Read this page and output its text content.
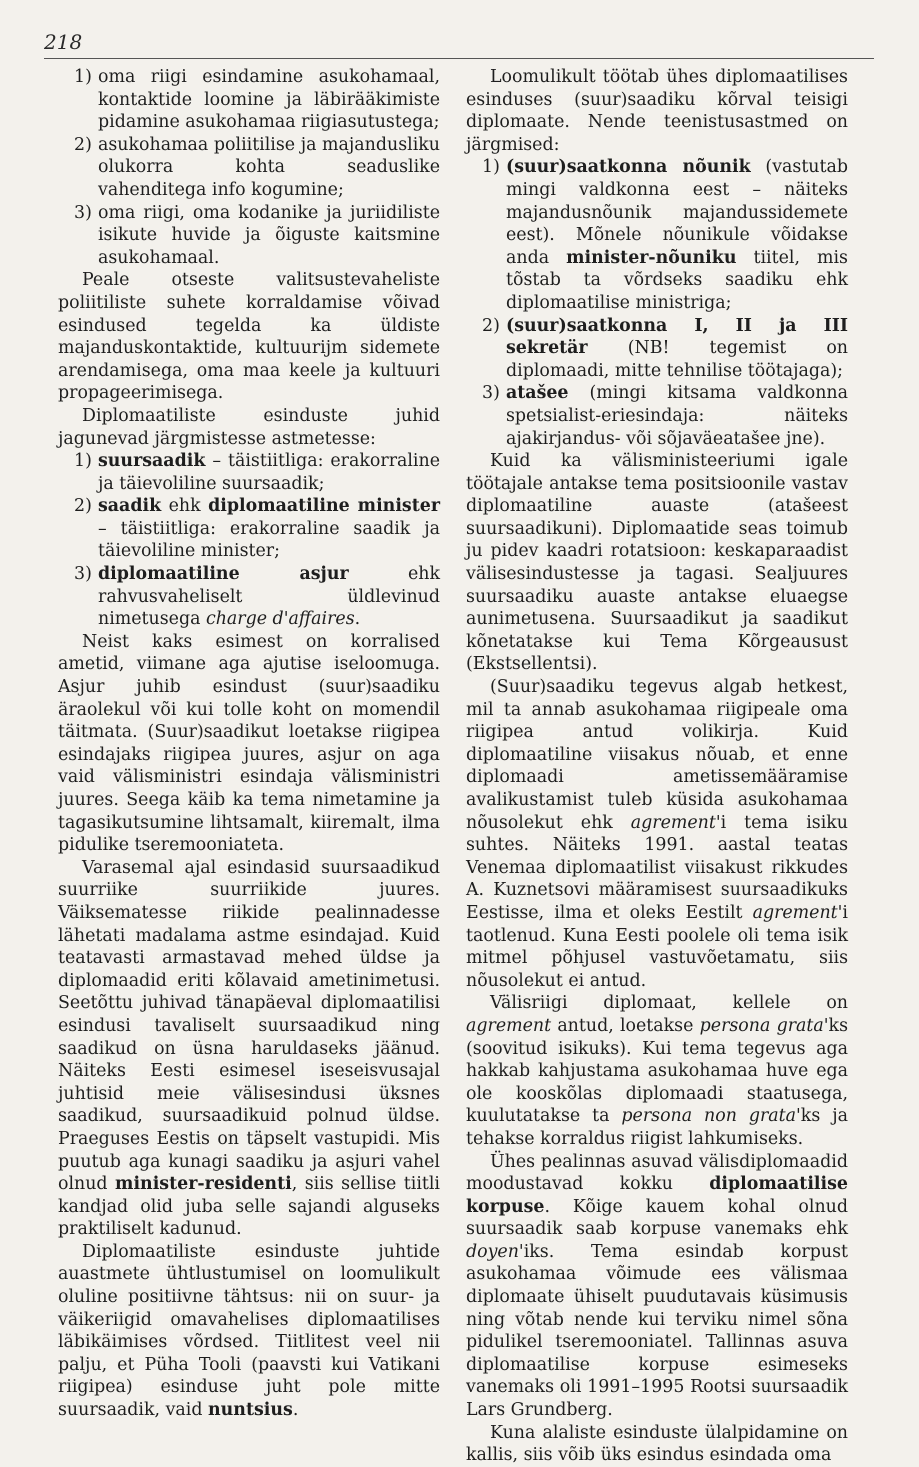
218
1) oma riigi esindamine asukohamaal, kontaktide loomine ja läbirääkimiste pidamine asukohamaa riigiasutustega;
2) asukohamaa poliitilise ja majandusliku olukorra kohta seaduslike vahenditega info kogumine;
3) oma riigi, oma kodanike ja juriidiliste isikute huvide ja õiguste kaitsmine asukohamaal.

Peale otseste valitsustevaheliste poliitiliste suhete korraldamise võivad esindused tegelda ka üldiste majanduskontaktide, kultuurijm sidemete arendamisega, oma maa keele ja kultuuri propageerimisega.

Diplomaatiliste esinduste juhid jagunevad järgmistesse astmetesse:

1) suursaadik – täistiitliga: erakorraline ja täievoliline suursaadik;
2) saadik ehk diplomaatiline minister – täistiitliga: erakorraline saadik ja täievoliline minister;
3) diplomaatiline asjur ehk rahvusvaheliselt üldlevinud nimetusega charge d'affaires.

Neist kaks esimest on korralised ametid, viimane aga ajutise iseloomuga. Asjur juhib esindust (suur)saadiku äraolekul või kui tolle koht on momendil täitmata. (Suur)saadikut loetakse riigipea esindajaks riigipea juures, asjur on aga vaid välisministri esindaja välisministri juures. Seega käib ka tema nimetamine ja tagasikutsumine lihtsamalt, kiiremalt, ilma pidulike tseremooniateta.

Varasemal ajal esindasid suursaadikud suurriike suurriikide juures. Väiksematesse riikide pealinnadesse lähetati madalama astme esindajad. Kuid teatavasti armastavad mehed üldse ja diplomaadid eriti kõlavaid ametinimetusi. Seetõttu juhivad tänapäeval diplomaatilisi esindusi tavaliselt suursaadikud ning saadikud on üsna haruldaseks jäänud. Näiteks Eesti esimesel iseseisvusajal juhtisid meie välisesindusi üksnes saadikud, suursaadikuid polnud üldse. Praeguses Eestis on täpselt vastupidi. Mis puutub aga kunagi saadiku ja asjuri vahel olnud minister-residenti, siis sellise tiitli kandjad olid juba selle sajandi alguseks praktiliselt kadunud.

Diplomaatiliste esinduste juhtide auastmete ühtlustumisel on loomulikult oluline positiivne tähtsus: nii on suur- ja väikeriigid omavahelises diplomaatilises läbikäimises võrdsed. Tiitlitest veel nii palju, et Püha Tooli (paavsti kui Vatikani riigipea) esinduse juht pole mitte suursaadik, vaid nuntsius.

Loomulikult töötab ühes diplomaatilises esinduses (suur)saadiku kõrval teisigi diplomaate. Nende teenistusastmed on järgmised:

1) (suur)saatkonna nõunik (vastutab mingi valdkonna eest – näiteks majandusnõunik majandussidemete eest). Mõnele nõunikule võidakse anda minister-nõuniku tiitel, mis tõstab ta võrdseks saadiku ehk diplomaatilise ministriga;
2) (suur)saatkonna I, II ja III sekretär (NB! tegemist on diplomaadi, mitte tehnilise töötajaga);
3) atašee (mingi kitsama valdkonna spetsialist-eriesindaja: näiteks ajakirjandus- või sõjaväeatašee jne).

Kuid ka välisministeeriumi igale töötajale antakse tema positsioonile vastav diplomaatiline auaste (atašeest suursaadikuni). Diplomaatide seas toimub ju pidev kaadri rotatsioon: keskaparaadist välisesindustesse ja tagasi. Sealjuures suursaadiku auaste antakse eluaegse aunimetusena. Suursaadikut ja saadikut kõnetatakse kui Tema Kõrgeausust (Ekstsellentsi).

(Suur)saadiku tegevus algab hetkest, mil ta annab asukohamaa riigipeale oma riigipea antud volikirja. Kuid diplomaatiline viisakus nõuab, et enne diplomaadi ametissemääramise avalikustamist tuleb küsida asukohamaa nõusolekut ehk agrement'i tema isiku suhtes. Näiteks 1991. aastal teatas Venemaa diplomaatilist viisakust rikkudes A. Kuznetsovi määramisest suursaadikuks Eestisse, ilma et oleks Eestilt agrement'i taotlenud. Kuna Eesti poolele oli tema isik mitmel põhjusel vastuvõetamatu, siis nõusolekut ei antud.

Välisriigi diplomaat, kellele on agrement antud, loetakse persona grata'ks (soovitud isikuks). Kui tema tegevus aga hakkab kahjustama asukohamaa huve ega ole kooskõlas diplomaadi staatusega, kuulutatakse ta persona non grata'ks ja tehakse korraldus riigist lahkumiseks.

Ühes pealinnas asuvad välisdiplomaadid moodustavad kokku diplomaatilise korpuse. Kõige kauem kohal olnud suursaadik saab korpuse vanemaks ehk doyen'iks. Tema esindab korpust asukohamaa võimude ees välismaa diplomaate ühiselt puudutavais küsimusis ning võtab nende kui terviku nimel sõna pidulikel tseremooniatel. Tallinnas asuva diplomaatilise korpuse esimeseks vanemaks oli 1991–1995 Rootsi suursaadik Lars Grundberg.

Kuna alaliste esinduste ülalpidamine on kallis, siis võib üks esindus esindada oma
